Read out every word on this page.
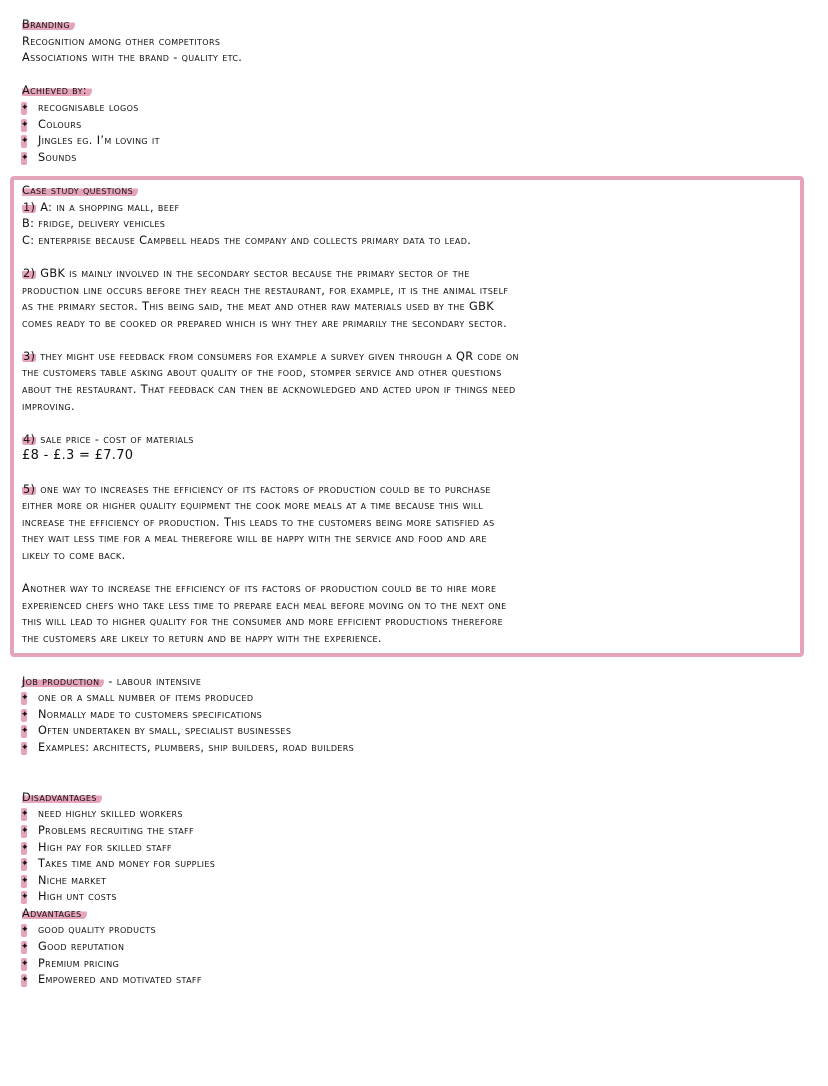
Branding
Recognition among other competitors
Associations with the brand - quality etc.
Achieved by:
✦ recognisable logos
✦ Colours
✦ Jingles eg. I’m loving it
✦ Sounds
Case study questions
1) A: in a shopping mall, beef
B: fridge, delivery vehicles
C: enterprise because Campbell heads the company and collects primary data to lead.
2) GBK is mainly involved in the secondary sector because the primary sector of the
production line occurs before they reach the restaurant, for example, it is the animal itself
as the primary sector. This being said, the meat and other raw materials used by the GBK
comes ready to be cooked or prepared which is why they are primarily the secondary sector.
3) they might use feedback from consumers for example a survey given through a QR code on
the customers table asking about quality of the food, stomper service and other questions
about the restaurant. That feedback can then be acknowledged and acted upon if things need
improving.
4) sale price - cost of materials
£8 - £.3 = £7.70
5) one way to increases the efficiency of its factors of production could be to purchase
either more or higher quality equipment the cook more meals at a time because this will
increase the efficiency of production. This leads to the customers being more satisfied as
they wait less time for a meal therefore will be happy with the service and food and are
likely to come back.
Another way to increase the efficiency of its factors of production could be to hire more
experienced chefs who take less time to prepare each meal before moving on to the next one
this will lead to higher quality for the consumer and more efficient productions therefore
the customers are likely to return and be happy with the experience.
Job production - labour intensive
✦ one or a small number of items produced
✦ Normally made to customers specifications
✦ Often undertaken by small, specialist businesses
✦ Examples: architects, plumbers, ship builders, road builders
Disadvantages
✦ need highly skilled workers
✦ Problems recruiting the staff
✦ High pay for skilled staff
✦ Takes time and money for supplies
✦ Niche market
✦ High unt costs
Advantages
✦ good quality products
✦ Good reputation
✦ Premium pricing
✦ Empowered and motivated staff
